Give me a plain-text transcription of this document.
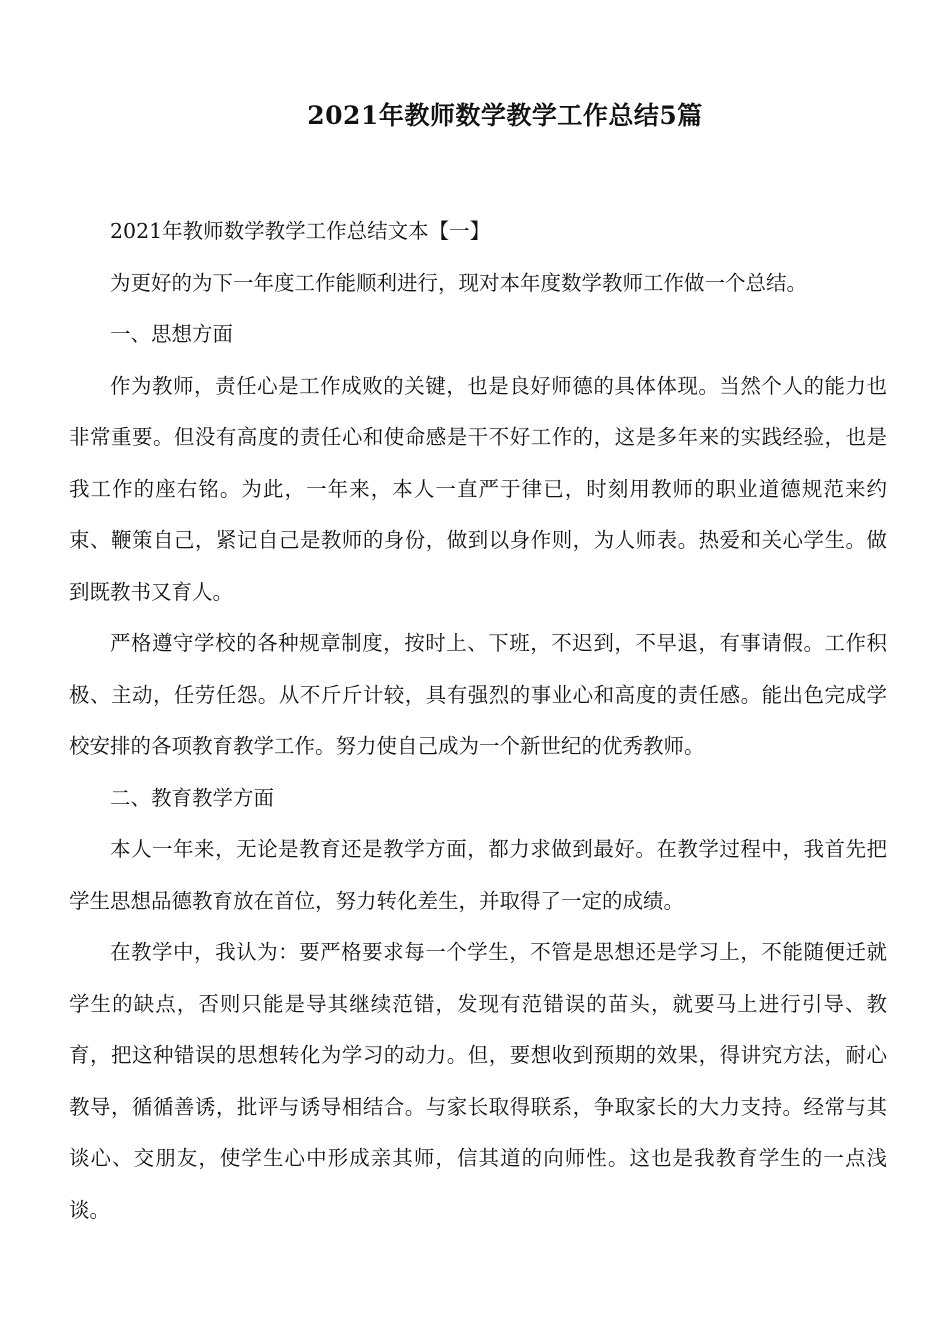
2021年教师数学教学工作总结5篇

2021年教师数学教学工作总结文本【一】

为更好的为下一年度工作能顺利进行，现对本年度数学教师工作做一个总结。

一、思想方面

作为教师，责任心是工作成败的关键，也是良好师德的具体体现。当然个人的能力也非常重要。但没有高度的责任心和使命感是干不好工作的，这是多年来的实践经验，也是我工作的座右铭。为此，一年来，本人一直严于律已，时刻用教师的职业道德规范来约束、鞭策自己，紧记自己是教师的身份，做到以身作则，为人师表。热爱和关心学生。做到既教书又育人。

严格遵守学校的各种规章制度，按时上、下班，不迟到，不早退，有事请假。工作积极、主动，任劳任怨。从不斤斤计较，具有强烈的事业心和高度的责任感。能出色完成学校安排的各项教育教学工作。努力使自己成为一个新世纪的优秀教师。

二、教育教学方面

本人一年来，无论是教育还是教学方面，都力求做到最好。在教学过程中，我首先把学生思想品德教育放在首位，努力转化差生，并取得了一定的成绩。

在教学中，我认为：要严格要求每一个学生，不管是思想还是学习上，不能随便迁就学生的缺点，否则只能是导其继续范错，发现有范错误的苗头，就要马上进行引导、教育，把这种错误的思想转化为学习的动力。但，要想收到预期的效果，得讲究方法，耐心教导，循循善诱，批评与诱导相结合。与家长取得联系，争取家长的大力支持。经常与其谈心、交朋友，使学生心中形成亲其师，信其道的向师性。这也是我教育学生的一点浅谈。
